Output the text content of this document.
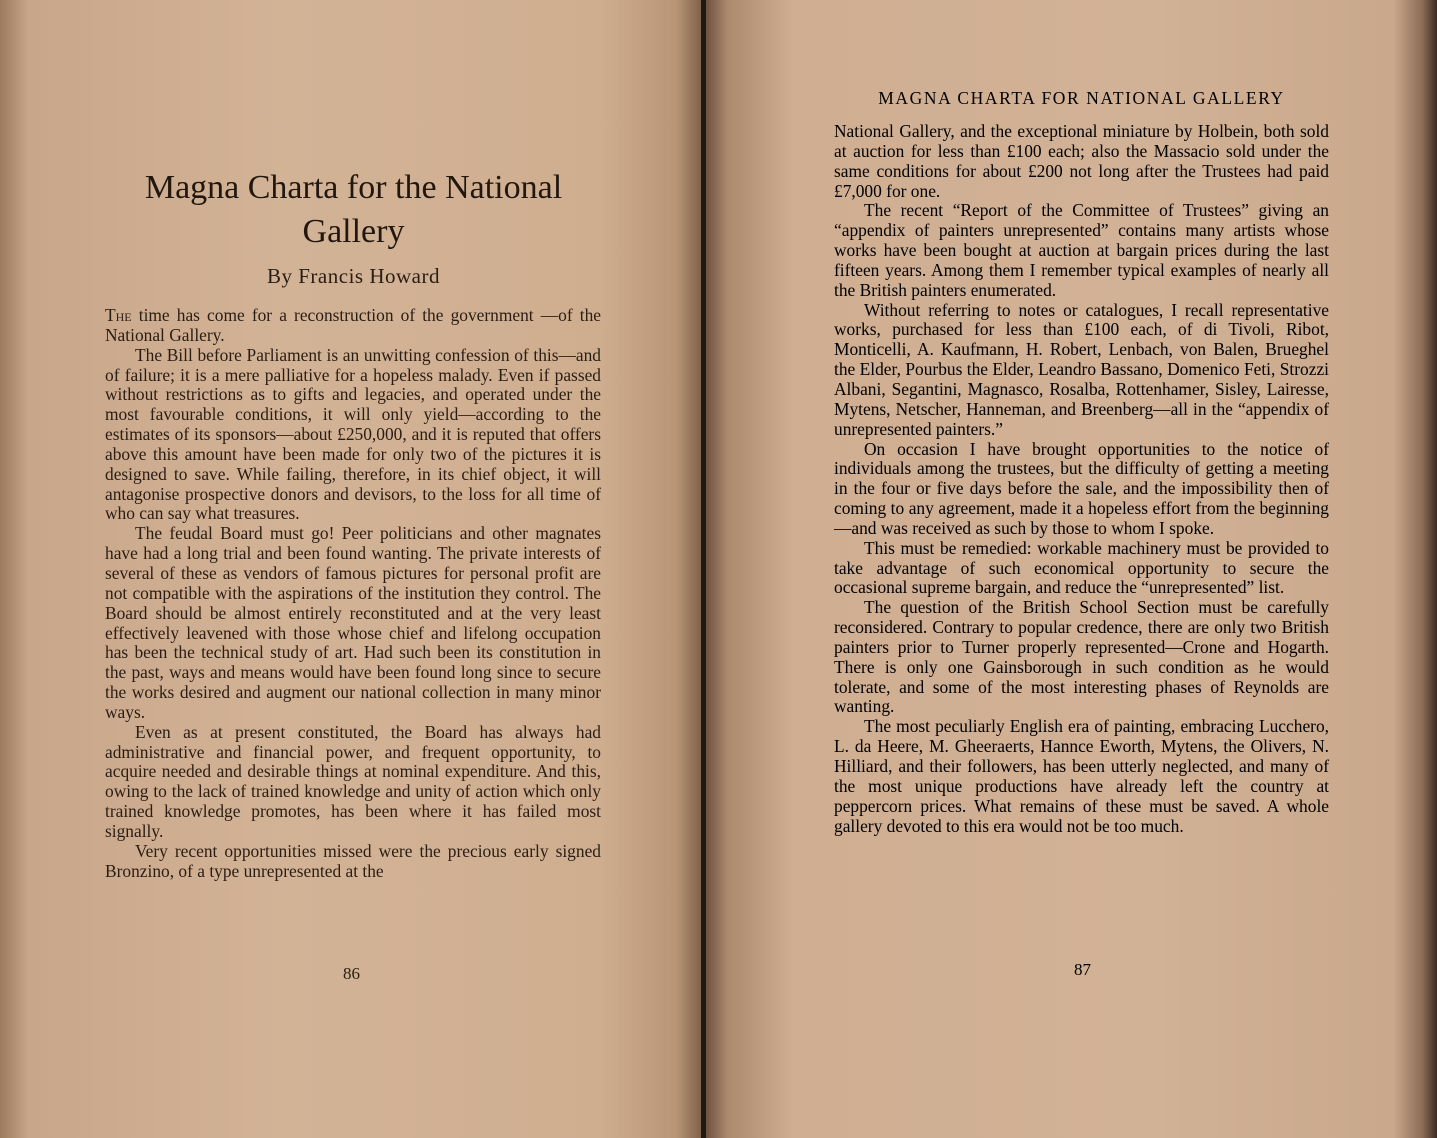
Magna Charta for the National Gallery
By Francis Howard

The time has come for a reconstruction of the government —of the National Gallery.

The Bill before Parliament is an unwitting confession of this—and of failure; it is a mere palliative for a hopeless malady. Even if passed without restrictions as to gifts and legacies, and operated under the most favourable conditions, it will only yield—according to the estimates of its sponsors—about £250,000, and it is reputed that offers above this amount have been made for only two of the pictures it is designed to save. While failing, therefore, in its chief object, it will antagonise prospective donors and devisors, to the loss for all time of who can say what treasures.

The feudal Board must go! Peer politicians and other magnates have had a long trial and been found wanting. The private interests of several of these as vendors of famous pictures for personal profit are not compatible with the aspirations of the institution they control. The Board should be almost entirely reconstituted and at the very least effectively leavened with those whose chief and lifelong occupation has been the technical study of art. Had such been its constitution in the past, ways and means would have been found long since to secure the works desired and augment our national collection in many minor ways.

Even as at present constituted, the Board has always had administrative and financial power, and frequent opportunity, to acquire needed and desirable things at nominal expenditure. And this, owing to the lack of trained knowledge and unity of action which only trained knowledge promotes, has been where it has failed most signally.

Very recent opportunities missed were the precious early signed Bronzino, of a type unrepresented at the

86
MAGNA CHARTA FOR NATIONAL GALLERY

National Gallery, and the exceptional miniature by Holbein, both sold at auction for less than £100 each; also the Massacio sold under the same conditions for about £200 not long after the Trustees had paid £7,000 for one.

The recent “Report of the Committee of Trustees” giving an “appendix of painters unrepresented” contains many artists whose works have been bought at auction at bargain prices during the last fifteen years. Among them I remember typical examples of nearly all the British painters enumerated.

Without referring to notes or catalogues, I recall representative works, purchased for less than £100 each, of di Tivoli, Ribot, Monticelli, A. Kaufmann, H. Robert, Lenbach, von Balen, Brueghel the Elder, Pourbus the Elder, Leandro Bassano, Domenico Feti, Strozzi Albani, Segantini, Magnasco, Rosalba, Rottenhamer, Sisley, Lairesse, Mytens, Netscher, Hanneman, and Breenberg—all in the “appendix of unrepresented painters.”

On occasion I have brought opportunities to the notice of individuals among the trustees, but the difficulty of getting a meeting in the four or five days before the sale, and the impossibility then of coming to any agreement, made it a hopeless effort from the beginning—and was received as such by those to whom I spoke.

This must be remedied: workable machinery must be provided to take advantage of such economical opportunity to secure the occasional supreme bargain, and reduce the “unrepresented” list.

The question of the British School Section must be carefully reconsidered. Contrary to popular credence, there are only two British painters prior to Turner properly represented—Crone and Hogarth. There is only one Gainsborough in such condition as he would tolerate, and some of the most interesting phases of Reynolds are wanting.

The most peculiarly English era of painting, embracing Lucchero, L. da Heere, M. Gheeraerts, Hannce Eworth, Mytens, the Olivers, N. Hilliard, and their followers, has been utterly neglected, and many of the most unique productions have already left the country at peppercorn prices. What remains of these must be saved. A whole gallery devoted to this era would not be too much.

87
